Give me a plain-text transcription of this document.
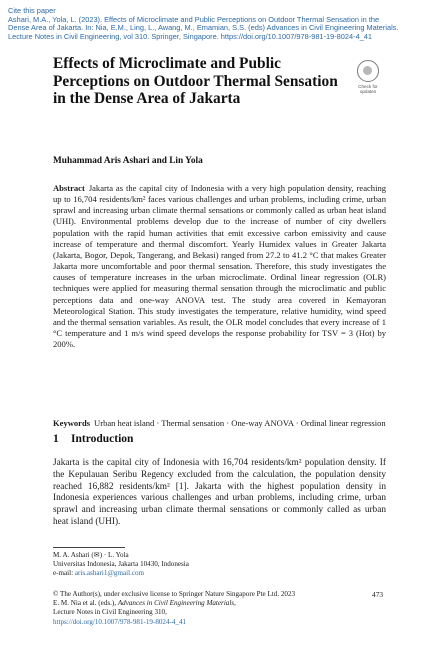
Cite this paper
Ashari, M.A., Yola, L. (2023). Effects of Microclimate and Public Perceptions on Outdoor Thermal Sensation in the
Dense Area of Jakarta. In: Nia, E.M., Ling, L., Awang, M., Emamian, S.S. (eds) Advances in Civil Engineering Materials.
Lecture Notes in Civil Engineering, vol 310. Springer, Singapore. https://doi.org/10.1007/978-981-19-8024-4_41
Effects of Microclimate and Public Perceptions on Outdoor Thermal Sensation in the Dense Area of Jakarta
Check for
updates
Muhammad Aris Ashari and Lin Yola

Abstract Jakarta as the capital city of Indonesia with a very high population density, reaching up to 16,704 residents/km² faces various challenges and urban problems, including crime, urban sprawl and increasing urban climate thermal sensations or commonly called as urban heat island (UHI). Environmental problems develop due to the increase of number of city dwellers population with the rapid human activities that emit excessive carbon emissivity and cause increase of temperature and thermal discomfort. Yearly Humidex values in Greater Jakarta (Jakarta, Bogor, Depok, Tangerang, and Bekasi) ranged from 27.2 to 41.2 °C that makes Greater Jakarta more uncomfortable and poor thermal sensation. Therefore, this study investigates the causes of temperature increases in the urban microclimate. Ordinal linear regression (OLR) techniques were applied for measuring thermal sensation through the microclimatic and public perceptions data and one-way ANOVA test. The study area covered in Kemayoran Meteorological Station. This study investigates the temperature, relative humidity, wind speed and the thermal sensation variables. As result, the OLR model concludes that every increase of 1 °C temperature and 1 m/s wind speed develops the response probability for TSV = 3 (Hot) by 200%.

Keywords Urban heat island · Thermal sensation · One-way ANOVA · Ordinal linear regression

1 Introduction

Jakarta is the capital city of Indonesia with 16,704 residents/km² population density. If the Kepulauan Seribu Regency excluded from the calculation, the population density reached 16,882 residents/km² [1]. Jakarta with the highest population density in Indonesia experiences various challenges and urban problems, including crime, urban sprawl and increasing urban climate thermal sensations or commonly called as urban heat island (UHI).

M. A. Ashari (✉) · L. Yola
Universitas Indonesia, Jakarta 10430, Indonesia
e-mail: aris.ashari1@gmail.com
© The Author(s), under exclusive license to Springer Nature Singapore Pte Ltd. 2023
E. M. Nia et al. (eds.), Advances in Civil Engineering Materials,
Lecture Notes in Civil Engineering 310,
https://doi.org/10.1007/978-981-19-8024-4_41
473
